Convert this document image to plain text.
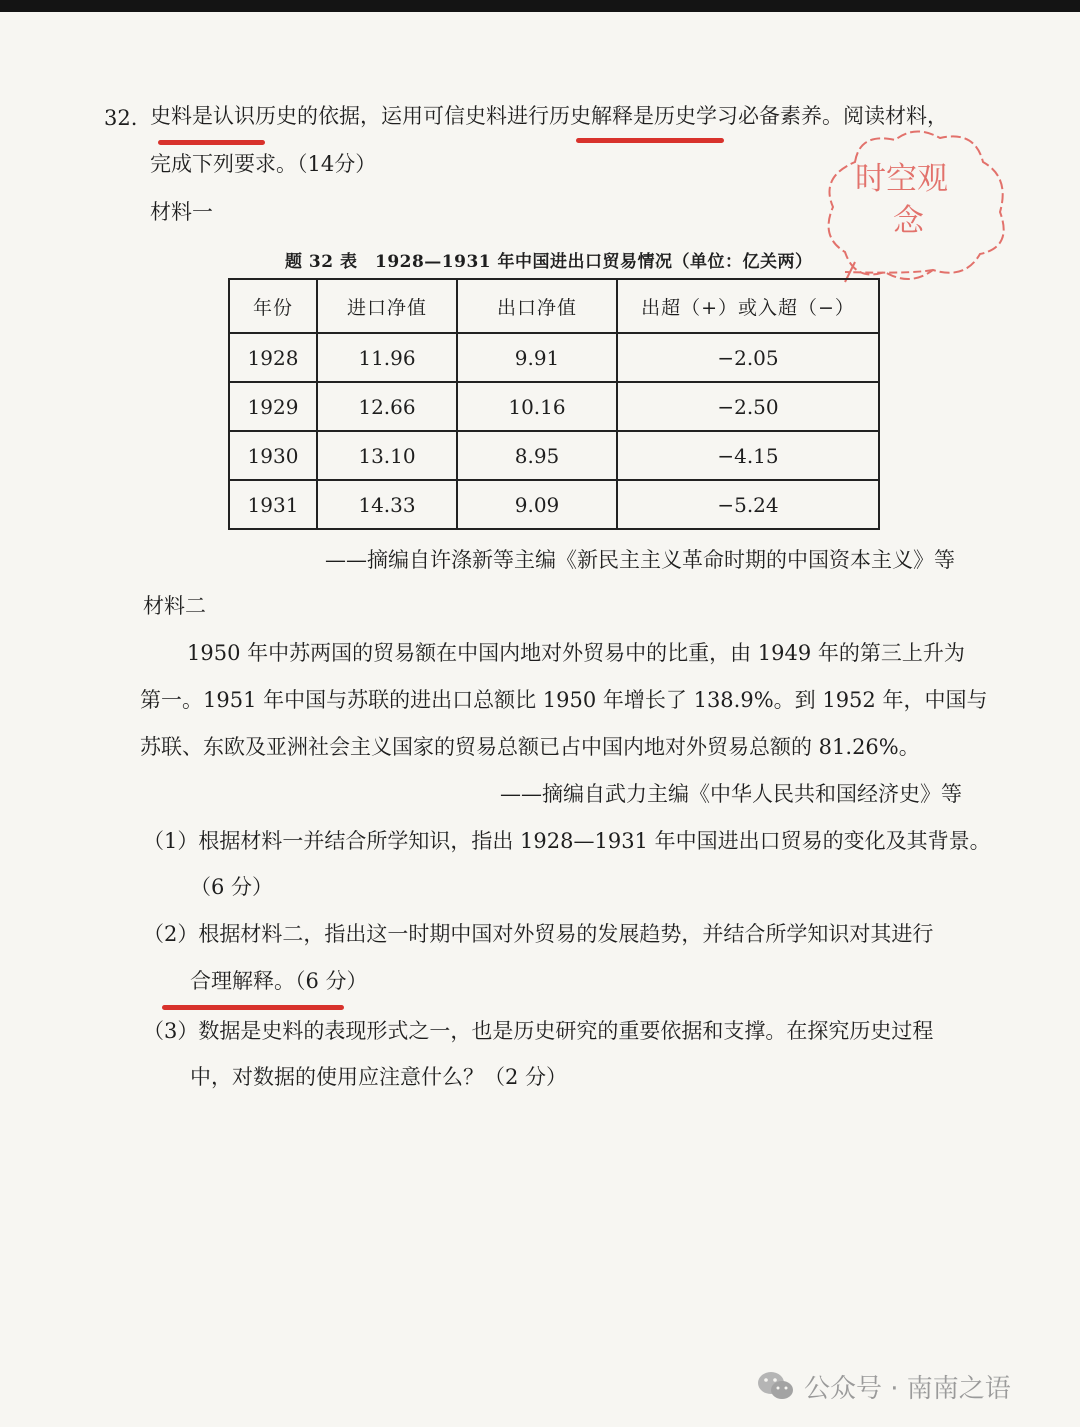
32. 史料是认识历史的依据，运用可信史料进行历史解释是历史学习必备素养。阅读材料，
完成下列要求。（14分）	时空观
念
材料一
题 32 表　1928—1931 年中国进出口贸易情况（单位：亿关两）
年份	进口净值	出口净值	出超（+）或入超（−）
1928	11.96	9.91	−2.05
1929	12.66	10.16	−2.50
1930	13.10	8.95	−4.15
1931	14.33	9.09	−5.24
——摘编自许涤新等主编《新民主主义革命时期的中国资本主义》等
材料二
1950 年中苏两国的贸易额在中国内地对外贸易中的比重，由 1949 年的第三上升为
第一。1951 年中国与苏联的进出口总额比 1950 年增长了 138.9%。到 1952 年，中国与
苏联、东欧及亚洲社会主义国家的贸易总额已占中国内地对外贸易总额的 81.26%。
——摘编自武力主编《中华人民共和国经济史》等
（1）根据材料一并结合所学知识，指出 1928—1931 年中国进出口贸易的变化及其背景。
（6 分）
（2）根据材料二，指出这一时期中国对外贸易的发展趋势，并结合所学知识对其进行
合理解释。（6 分）
（3）数据是史料的表现形式之一，也是历史研究的重要依据和支撑。在探究历史过程
中，对数据的使用应注意什么？（2 分）
公众号 · 南南之语
